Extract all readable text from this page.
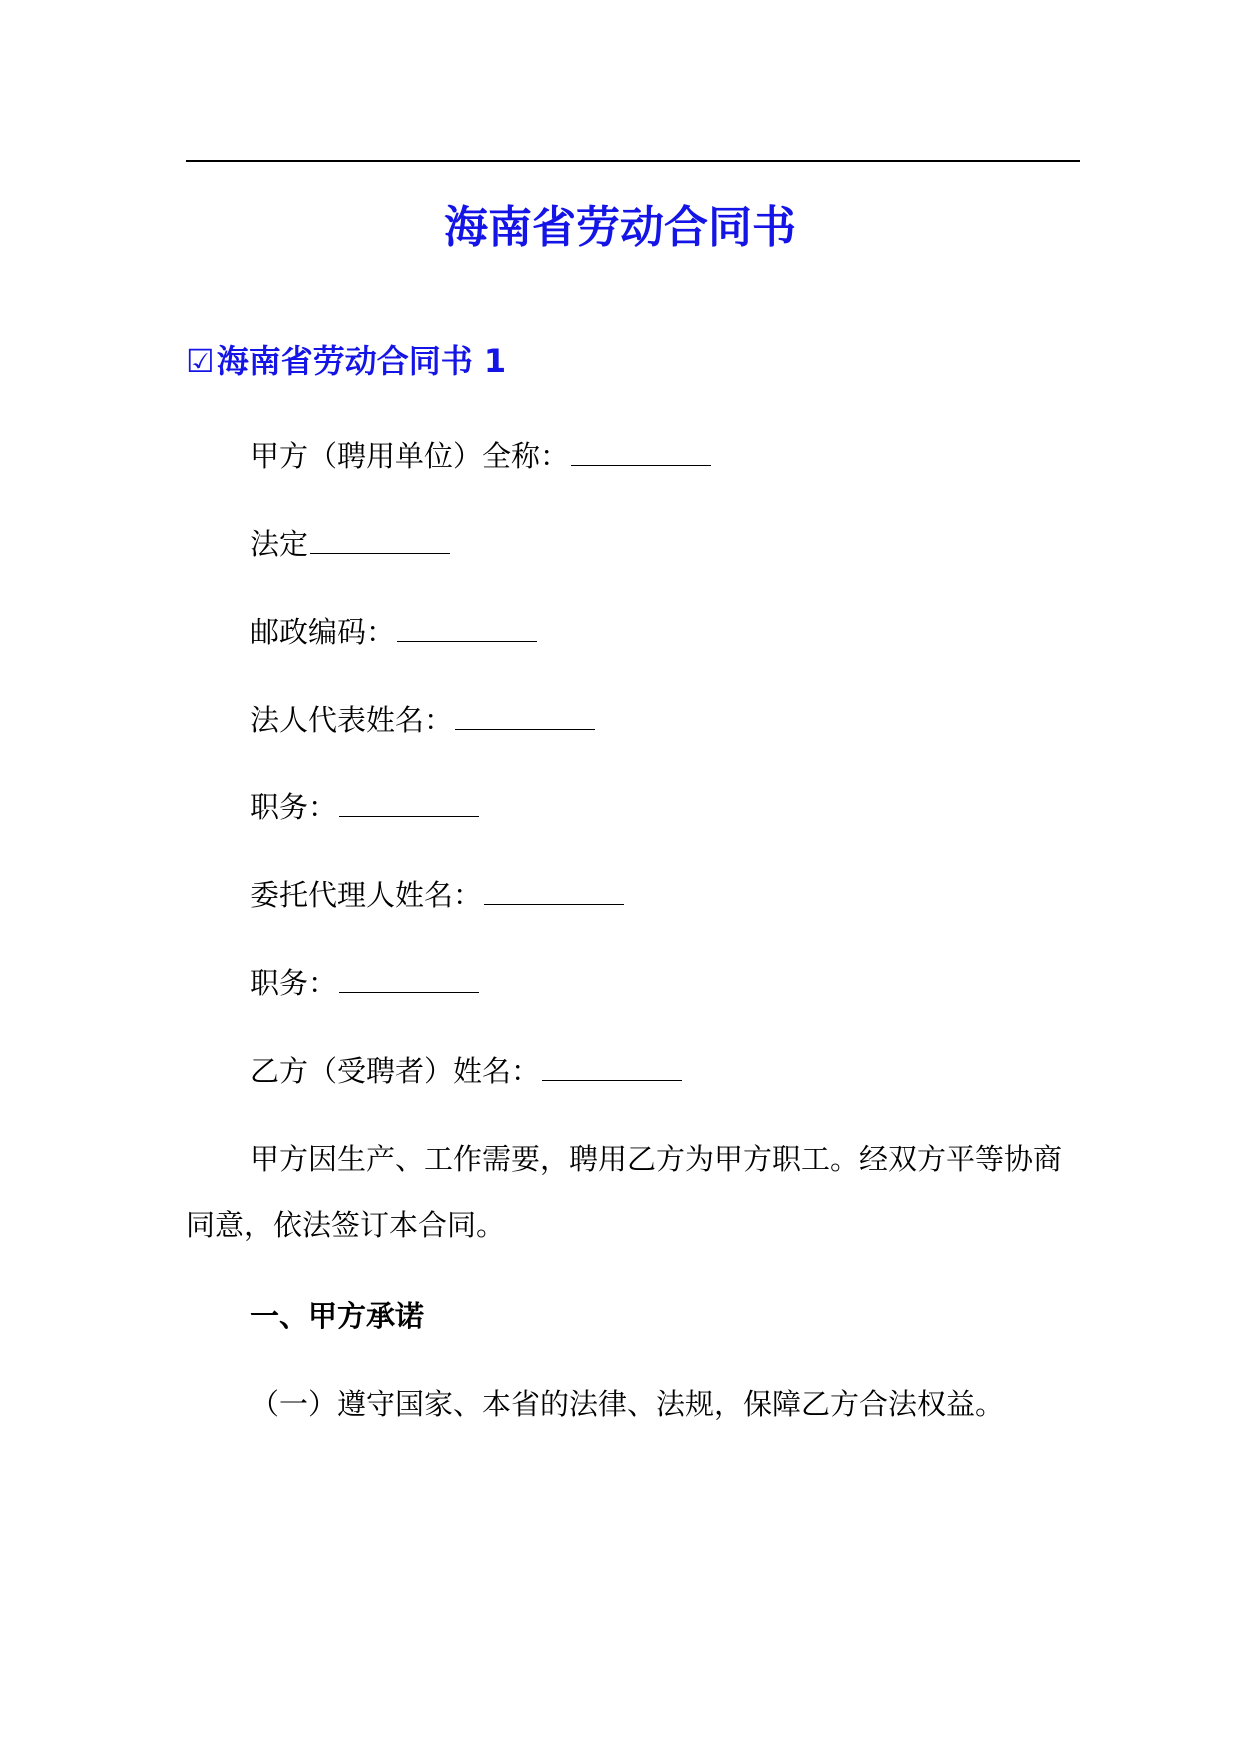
海南省劳动合同书
☑海南省劳动合同书 1
甲方（聘用单位）全称：
法定
邮政编码：
法人代表姓名：
职务：
委托代理人姓名：
职务：
乙方（受聘者）姓名：
甲方因生产、工作需要，聘用乙方为甲方职工。经双方平等协商同意，依法签订本合同。
一、甲方承诺
（一）遵守国家、本省的法律、法规，保障乙方合法权益。
